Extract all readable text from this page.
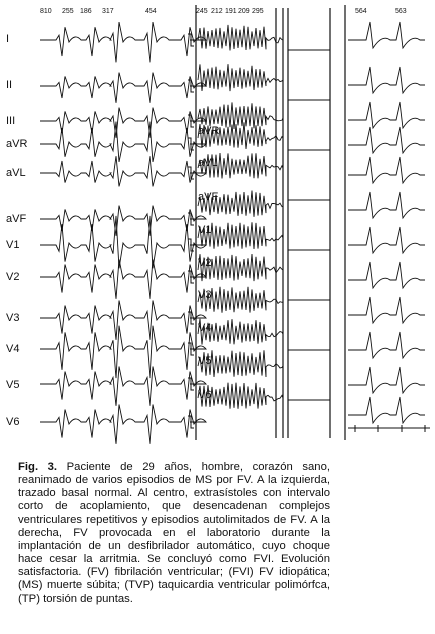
I
II
III
aVR
aVL
aVF
V1
V2
V3
V4
V5
V6
810 255 186 317	454
aVR
aVL
aVF
V1
V2
V3
V4
V5
V6
245 212 191 209 295	564	563
Fig. 3. Paciente de 29 años, hombre, corazón sano, reanimado de varios episodios de MS por FV. A la izquierda, trazado basal normal. Al centro, extrasístoles con intervalo corto de acoplamiento, que desencadenan complejos ventriculares repetitivos y episodios autolimitados de FV. A la derecha, FV provocada en el laboratorio durante la implantación de un desfibrilador automático, cuyo choque hace cesar la arritmia. Se concluyó como FVI. Evolución satisfactoria. (FV) fibrilación ventricular; (FVI) FV idiopática; (MS) muerte súbita; (TVP) taquicardia ventricular polimórfca, (TP) torsión de puntas.
